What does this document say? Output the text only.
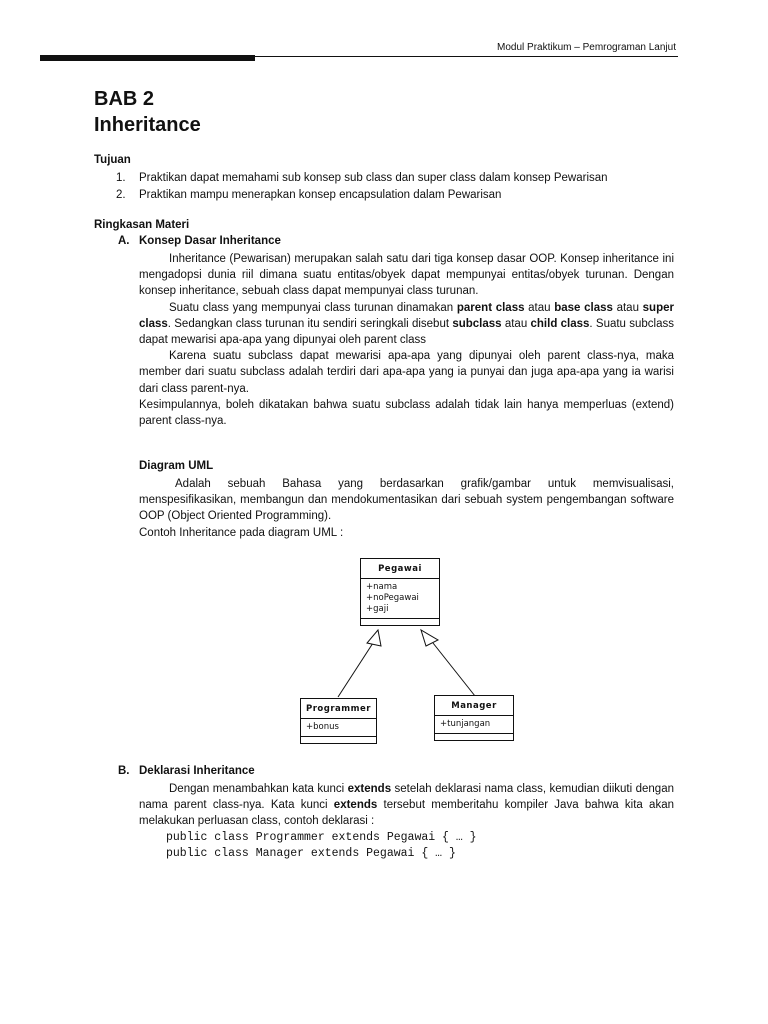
Modul Praktikum – Pemrograman Lanjut
BAB 2
Inheritance
Tujuan
1. Praktikan dapat memahami sub konsep sub class dan super class dalam konsep Pewarisan
2. Praktikan mampu menerapkan konsep encapsulation dalam Pewarisan
Ringkasan Materi
A. Konsep Dasar Inheritance

Inheritance (Pewarisan) merupakan salah satu dari tiga konsep dasar OOP. Konsep inheritance ini mengadopsi dunia riil dimana suatu entitas/obyek dapat mempunyai entitas/obyek turunan. Dengan konsep inheritance, sebuah class dapat mempunyai class turunan.

Suatu class yang mempunyai class turunan dinamakan parent class atau base class atau super class. Sedangkan class turunan itu sendiri seringkali disebut subclass atau child class. Suatu subclass dapat mewarisi apa-apa yang dipunyai oleh parent class

Karena suatu subclass dapat mewarisi apa-apa yang dipunyai oleh parent class-nya, maka member dari suatu subclass adalah terdiri dari apa-apa yang ia punyai dan juga apa-apa yang ia warisi dari class parent-nya.

Kesimpulannya, boleh dikatakan bahwa suatu subclass adalah tidak lain hanya memperluas (extend) parent class-nya.

Diagram UML

Adalah sebuah Bahasa yang berdasarkan grafik/gambar untuk memvisualisasi, menspesifikasikan, membangun dan mendokumentasikan dari sebuah system pengembangan software OOP (Object Oriented Programming).

Contoh Inheritance pada diagram UML :

Pegawai
+nama
+noPegawai
+gaji
Programmer
+bonus
Manager
+tunjangan
B. Deklarasi Inheritance

Dengan menambahkan kata kunci extends setelah deklarasi nama class, kemudian diikuti dengan nama parent class-nya. Kata kunci extends tersebut memberitahu kompiler Java bahwa kita akan melakukan perluasan class, contoh deklarasi :

public class Programmer extends Pegawai { … }
public class Manager extends Pegawai { … }
